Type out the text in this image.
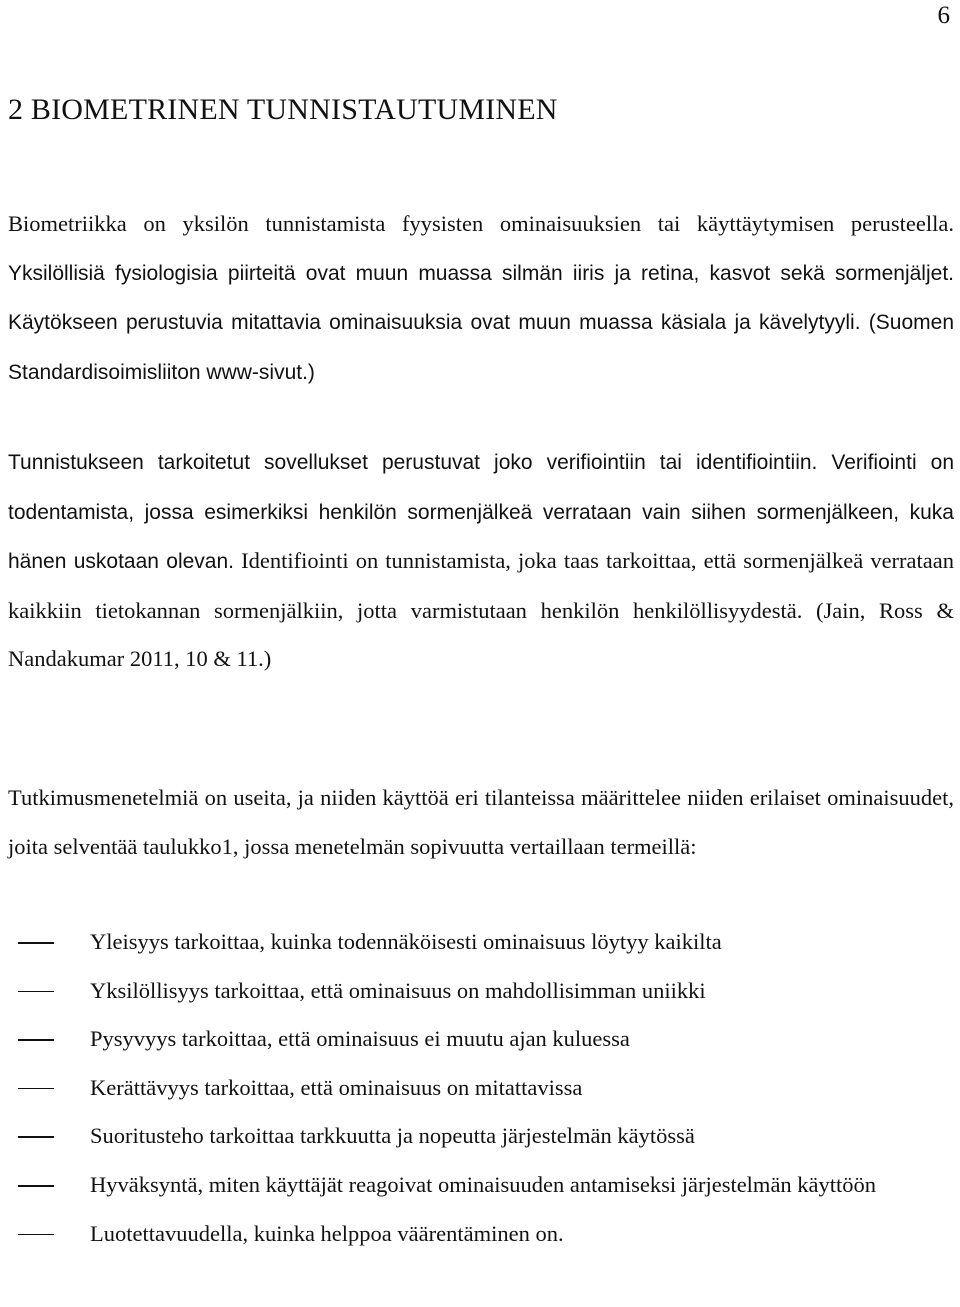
6
2 BIOMETRINEN TUNNISTAUTUMINEN

Biometriikka on yksilön tunnistamista fyysisten ominaisuuksien tai käyttäytymisen perusteella. Yksilöllisiä fysiologisia piirteitä ovat muun muassa silmän iiris ja retina, kasvot sekä sormenjäljet. Käytökseen perustuvia mitattavia ominaisuuksia ovat muun muassa käsiala ja kävelytyyli. (Suomen Standardisoimisliiton www-sivut.)

Tunnistukseen tarkoitetut sovellukset perustuvat joko verifiointiin tai identifiointiin. Verifiointi on todentamista, jossa esimerkiksi henkilön sormenjälkeä verrataan vain siihen sormenjälkeen, kuka hänen uskotaan olevan. Identifiointi on tunnistamista, joka taas tarkoittaa, että sormenjälkeä verrataan kaikkiin tietokannan sormenjälkiin, jotta varmistutaan henkilön henkilöllisyydestä. (Jain, Ross & Nandakumar 2011, 10 & 11.)

Tutkimusmenetelmiä on useita, ja niiden käyttöä eri tilanteissa määrittelee niiden erilaiset ominaisuudet, joita selventää taulukko1, jossa menetelmän sopivuutta vertaillaan termeillä:

Yleisyys tarkoittaa, kuinka todennäköisesti ominaisuus löytyy kaikilta
Yksilöllisyys tarkoittaa, että ominaisuus on mahdollisimman uniikki
Pysyvyys tarkoittaa, että ominaisuus ei muutu ajan kuluessa
Kerättävyys tarkoittaa, että ominaisuus on mitattavissa
Suoritusteho tarkoittaa tarkkuutta ja nopeutta järjestelmän käytössä
Hyväksyntä, miten käyttäjät reagoivat ominaisuuden antamiseksi järjestelmän käyttöön
Luotettavuudella, kuinka helppoa väärentäminen on.
